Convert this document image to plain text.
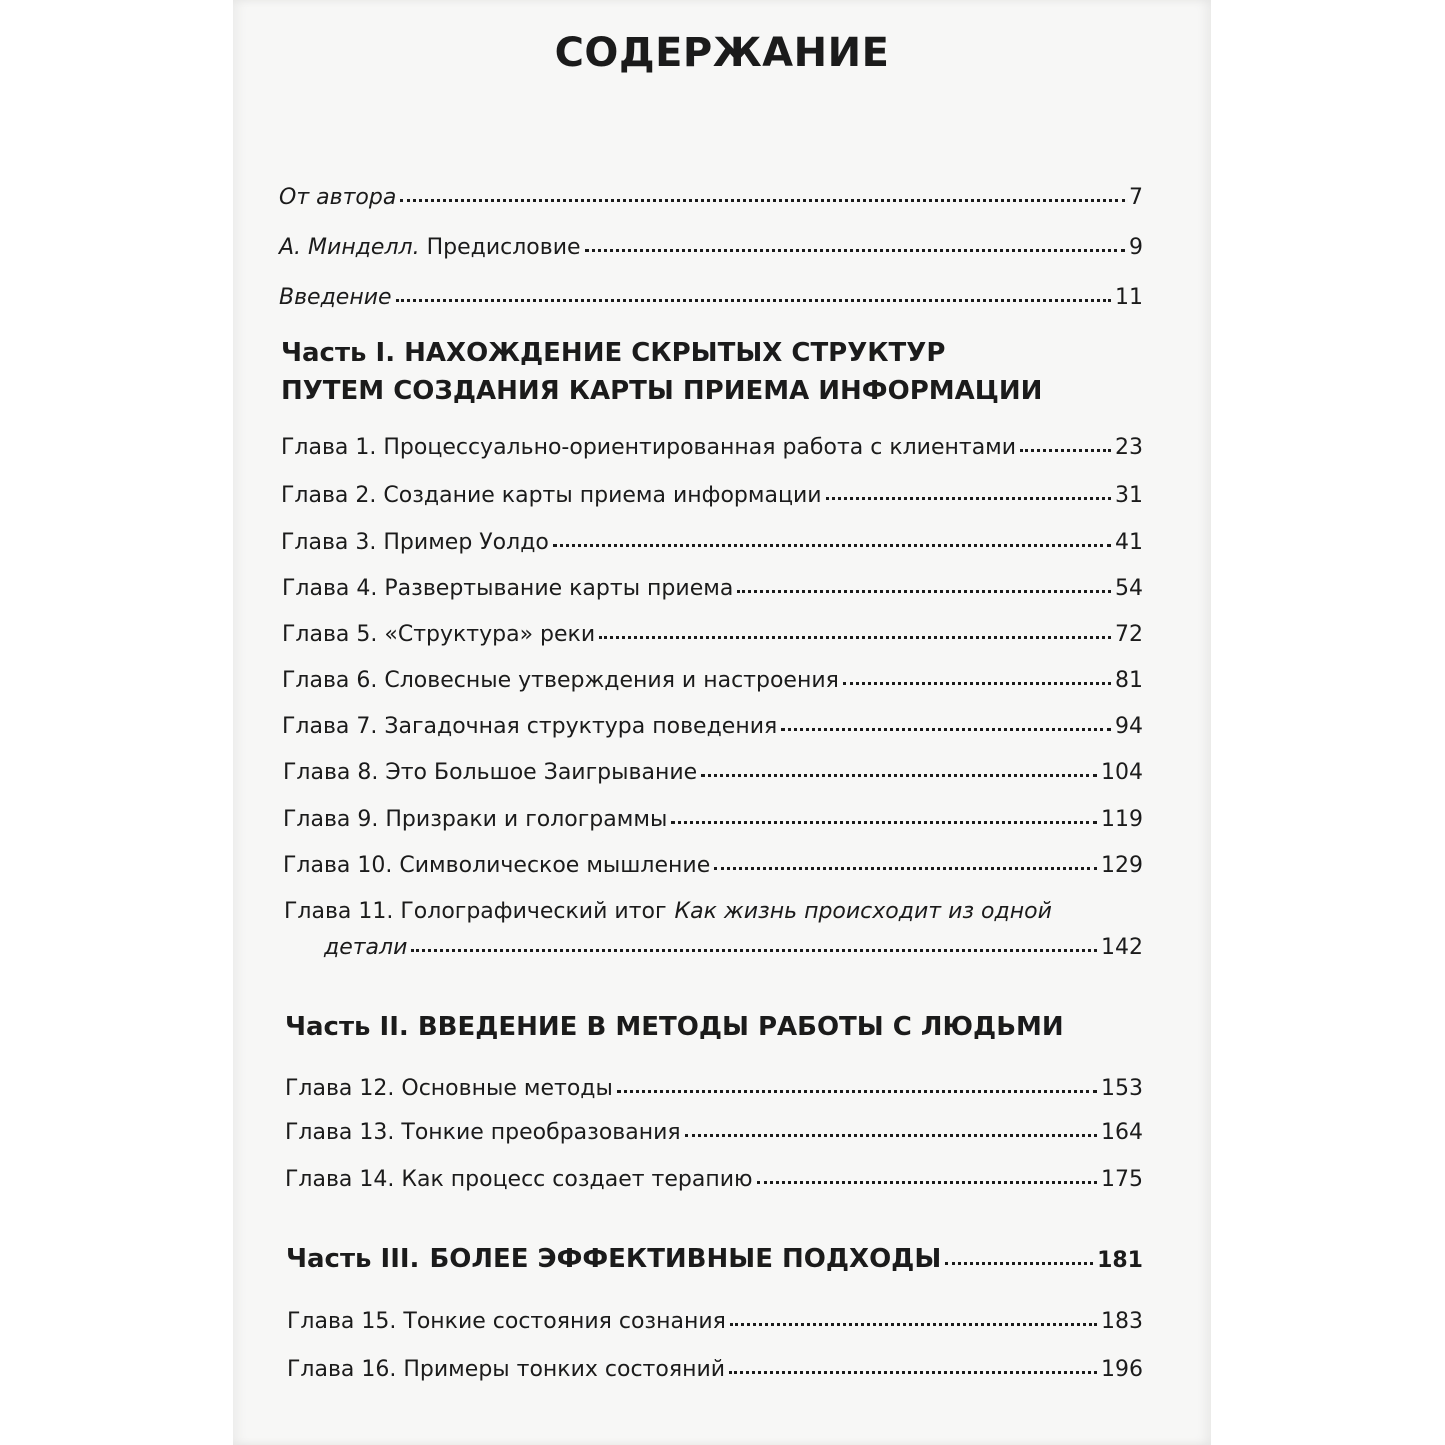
СОДЕРЖАНИЕ
От автора	7
А. Минделл. Предисловие	9
Введение	11
Часть I. НАХОЖДЕНИЕ СКРЫТЫХ СТРУКТУР
ПУТЕМ СОЗДАНИЯ КАРТЫ ПРИЕМА ИНФОРМАЦИИ
Глава 1. Процессуально-ориентированная работа с клиентами	23
Глава 2. Создание карты приема информации	31
Глава 3. Пример Уолдо	41
Глава 4. Развертывание карты приема	54
Глава 5. «Структура» реки	72
Глава 6. Словесные утверждения и настроения	81
Глава 7. Загадочная структура поведения	94
Глава 8. Это Большое Заигрывание	104
Глава 9. Призраки и голограммы	119
Глава 10. Символическое мышление	129
Глава 11. Голографический итог Как жизнь происходит из одной
детали	142
Часть II. ВВЕДЕНИЕ В МЕТОДЫ РАБОТЫ С ЛЮДЬМИ
Глава 12. Основные методы	153
Глава 13. Тонкие преобразования	164
Глава 14. Как процесс создает терапию	175
Часть III. БОЛЕЕ ЭФФЕКТИВНЫЕ ПОДХОДЫ	181
Глава 15. Тонкие состояния сознания	183
Глава 16. Примеры тонких состояний	196
